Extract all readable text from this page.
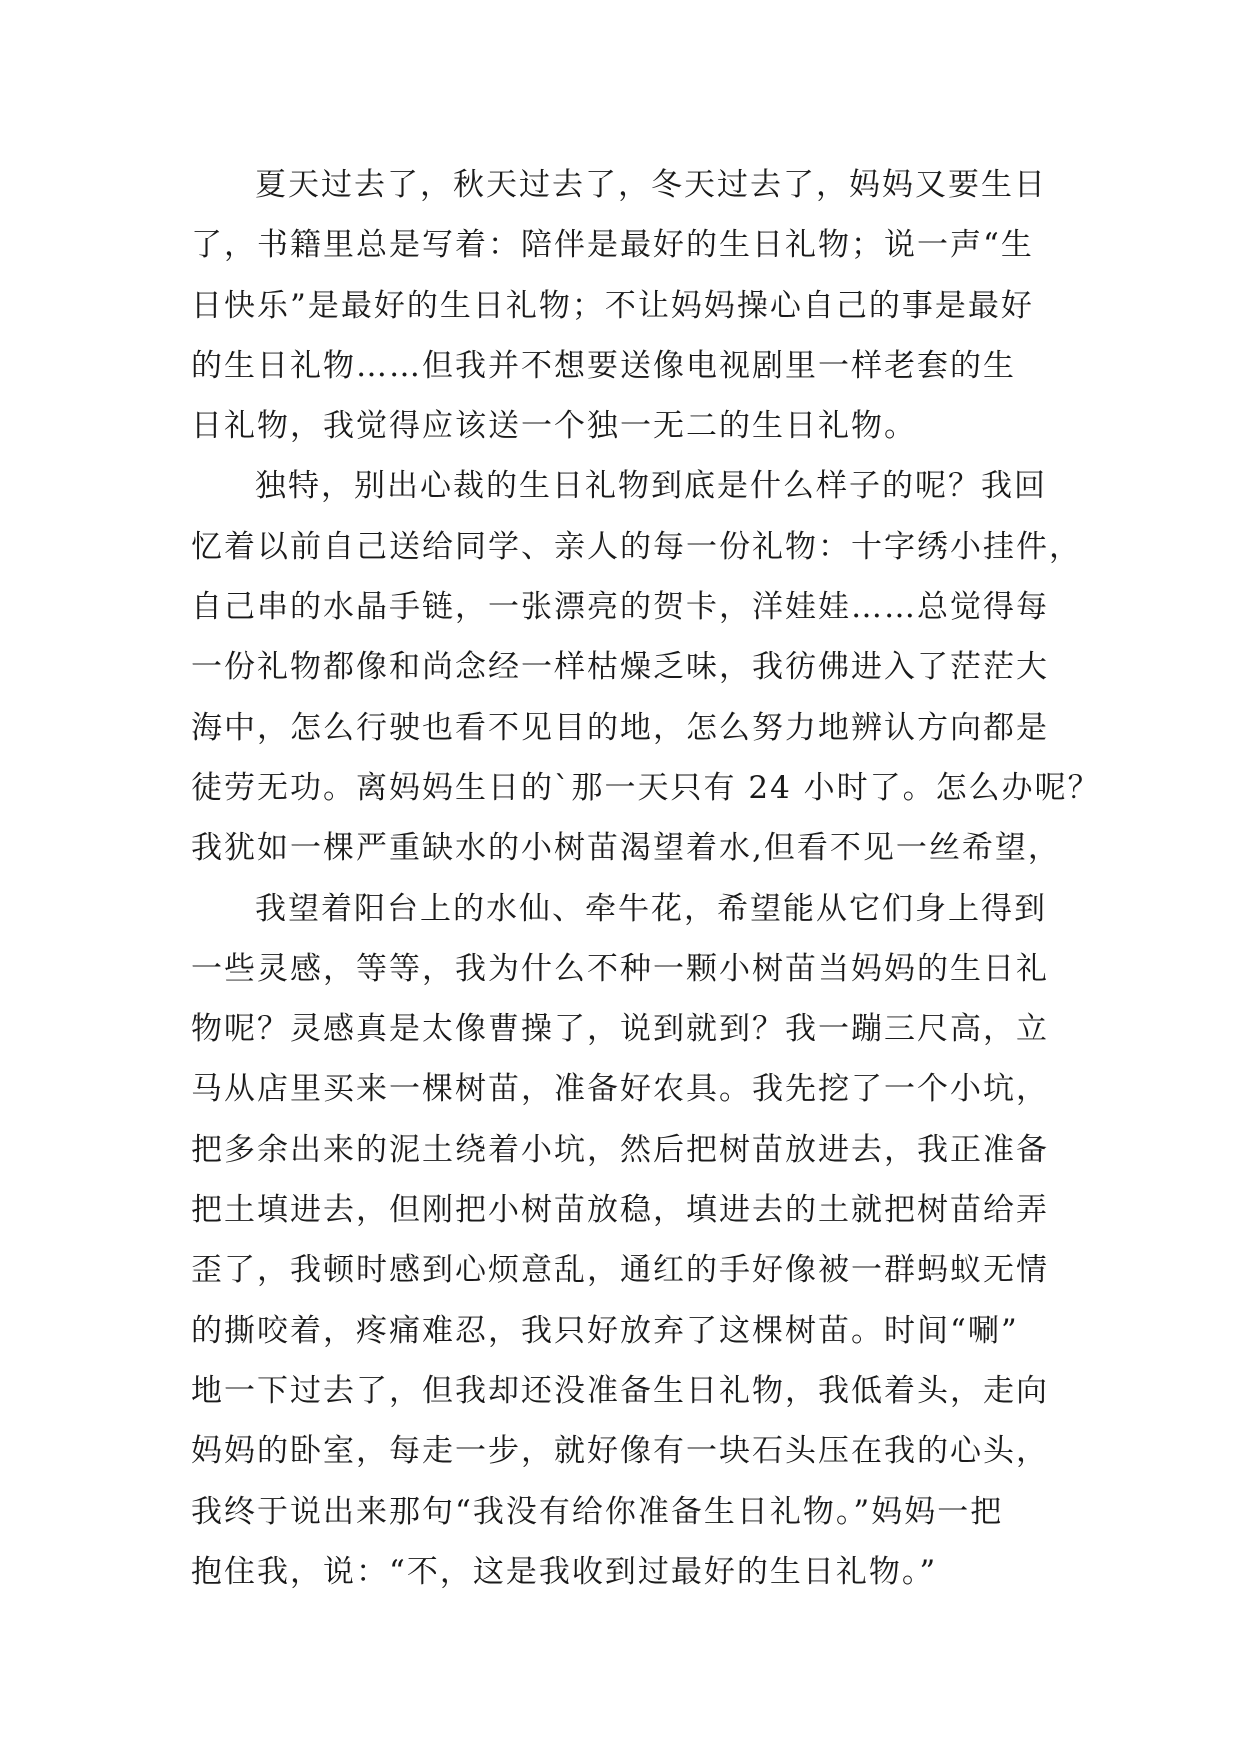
夏天过去了，秋天过去了，冬天过去了，妈妈又要生日
了，书籍里总是写着：陪伴是最好的生日礼物；说一声“生
日快乐”是最好的生日礼物；不让妈妈操心自己的事是最好
的生日礼物……但我并不想要送像电视剧里一样老套的生
日礼物，我觉得应该送一个独一无二的生日礼物。
独特，别出心裁的生日礼物到底是什么样子的呢？我回
忆着以前自己送给同学、亲人的每一份礼物：十字绣小挂件，
自己串的水晶手链，一张漂亮的贺卡，洋娃娃……总觉得每
一份礼物都像和尚念经一样枯燥乏味，我彷佛进入了茫茫大
海中，怎么行驶也看不见目的地，怎么努力地辨认方向都是
徒劳无功。离妈妈生日的`那一天只有 24 小时了。怎么办呢？
我犹如一棵严重缺水的小树苗渴望着水,但看不见一丝希望，
我望着阳台上的水仙、牵牛花，希望能从它们身上得到
一些灵感，等等，我为什么不种一颗小树苗当妈妈的生日礼
物呢？灵感真是太像曹操了，说到就到？我一蹦三尺高，立
马从店里买来一棵树苗，准备好农具。我先挖了一个小坑，
把多余出来的泥土绕着小坑，然后把树苗放进去，我正准备
把土填进去，但刚把小树苗放稳，填进去的土就把树苗给弄
歪了，我顿时感到心烦意乱，通红的手好像被一群蚂蚁无情
的撕咬着，疼痛难忍，我只好放弃了这棵树苗。时间“唰”
地一下过去了，但我却还没准备生日礼物，我低着头，走向
妈妈的卧室，每走一步，就好像有一块石头压在我的心头，
我终于说出来那句“我没有给你准备生日礼物。”妈妈一把
抱住我，说：“不，这是我收到过最好的生日礼物。”
